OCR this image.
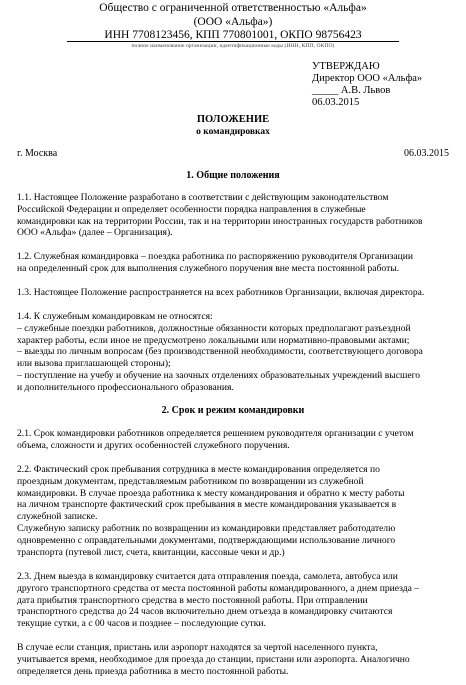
Общество с ограниченной ответственностью «Альфа»
(ООО «Альфа»)
ИНН 7708123456, КПП 770801001, ОКПО 98756423
полное наименование организации, идентификационные коды (ИНН, КПП, ОКПО)
УТВЕРЖДАЮ
Директор ООО «Альфа»
_____ А.В. Львов
06.03.2015
ПОЛОЖЕНИЕ
о командировках
г. Москва	06.03.2015
1. Общие положения
1.1. Настоящее Положение разработано в соответствии с действующим законодательством
Российской Федерации и определяет особенности порядка направления в служебные
командировки как на территории России, так и на территории иностранных государств работников
ООО «Альфа» (далее – Организация).
1.2. Служебная командировка – поездка работника по распоряжению руководителя Организации
на определенный срок для выполнения служебного поручения вне места постоянной работы.
1.3. Настоящее Положение распространяется на всех работников Организации, включая директора.
1.4. К служебным командировкам не относятся:
– служебные поездки работников, должностные обязанности которых предполагают разъездной
характер работы, если иное не предусмотрено локальными или нормативно-правовыми актами;
– выезды по личным вопросам (без производственной необходимости, соответствующего договора
или вызова приглашающей стороны);
– поступление на учебу и обучение на заочных отделениях образовательных учреждений высшего
и дополнительного профессионального образования.
2. Срок и режим командировки
2.1. Срок командировки работников определяется решением руководителя организации с учетом
объема, сложности и других особенностей служебного поручения.
2.2. Фактический срок пребывания сотрудника в месте командирования определяется по
проездным документам, представляемым работником по возвращении из служебной
командировки. В случае проезда работника к месту командирования и обратно к месту работы
на личном транспорте фактический срок пребывания в месте командирования указывается в
служебной записке.
Служебную записку работник по возвращении из командировки представляет работодателю
одновременно с оправдательными документами, подтверждающими использование личного
транспорта (путевой лист, счета, квитанции, кассовые чеки и др.)
2.3. Днем выезда в командировку считается дата отправления поезда, самолета, автобуса или
другого транспортного средства от места постоянной работы командированного, а днем приезда –
дата прибытия транспортного средства в место постоянной работы. При отправлении
транспортного средства до 24 часов включительно днем отъезда в командировку считаются
текущие сутки, а с 00 часов и позднее – последующие сутки.
В случае если станция, пристань или аэропорт находятся за чертой населенного пункта,
учитывается время, необходимое для проезда до станции, пристани или аэропорта. Аналогично
определяется день приезда работника в место постоянной работы.
